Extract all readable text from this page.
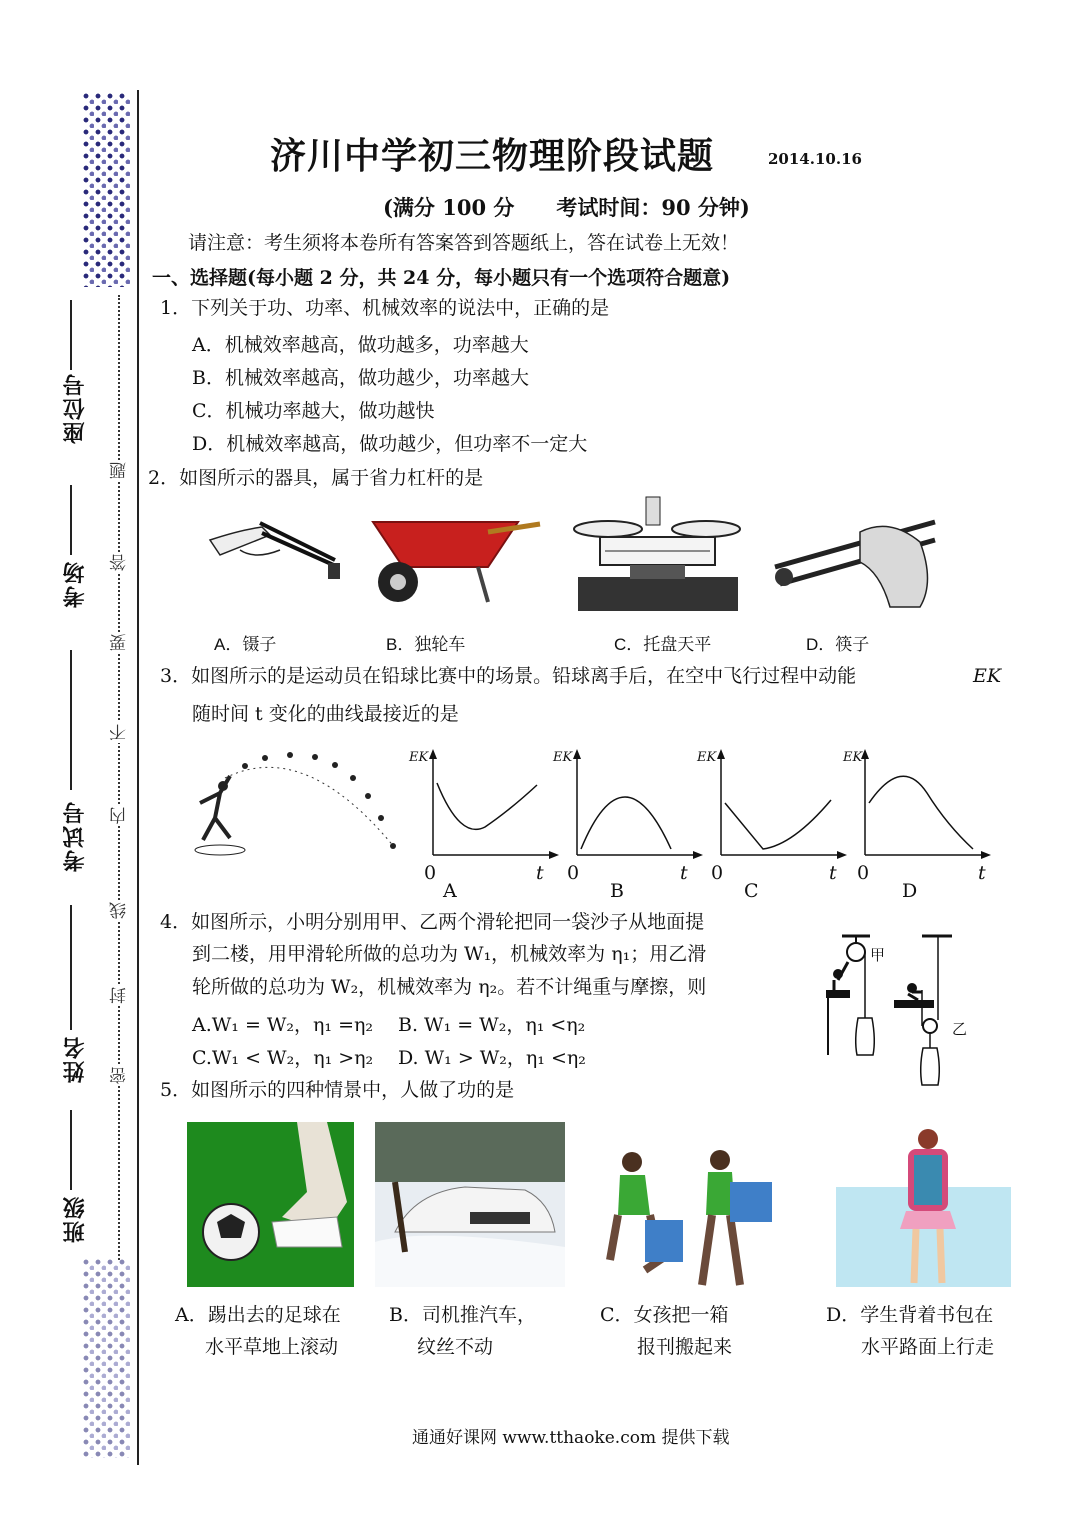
座位号
考场
考试号
姓名
班级
题
答
要
不
内
线
封
密
济川中学初三物理阶段试题	2014.10.16
(满分 100 分　　考试时间：90 分钟)
请注意：考生须将本卷所有答案答到答题纸上，答在试卷上无效！
一、选择题(每小题 2 分，共 24 分，每小题只有一个选项符合题意)
1．下列关于功、功率、机械效率的说法中，正确的是
A．机械效率越高，做功越多，功率越大
B．机械效率越高，做功越少，功率越大
C．机械功率越大，做功越快
D．机械效率越高，做功越少，但功率不一定大
2．如图所示的器具，属于省力杠杆的是
A．镊子	B．独轮车	C．托盘天平	D．筷子
3．如图所示的是运动员在铅球比赛中的场景。铅球离手后，在空中飞行过程中动能	EK
随时间 t 变化的曲线最接近的是
EK	EK	EK	EK
0	0	0	0
t	t	t	t
A	B	C	D
4．如图所示，小明分别用甲、乙两个滑轮把同一袋沙子从地面提
到二楼，用甲滑轮所做的总功为 W₁，机械效率为 η₁；用乙滑
轮所做的总功为 W₂，机械效率为 η₂。若不计绳重与摩擦，则
A.W₁ = W₂，η₁ =η₂ B. W₁ = W₂，η₁ <η₂
C.W₁ < W₂，η₁ >η₂ D. W₁ > W₂，η₁ <η₂
甲
乙
5．如图所示的四种情景中，人做了功的是
A．踢出去的足球在
水平草地上滚动
B．司机推汽车，
纹丝不动
C．女孩把一箱
报刊搬起来
D．学生背着书包在
水平路面上行走
通通好课网 www.tthaoke.com 提供下载
